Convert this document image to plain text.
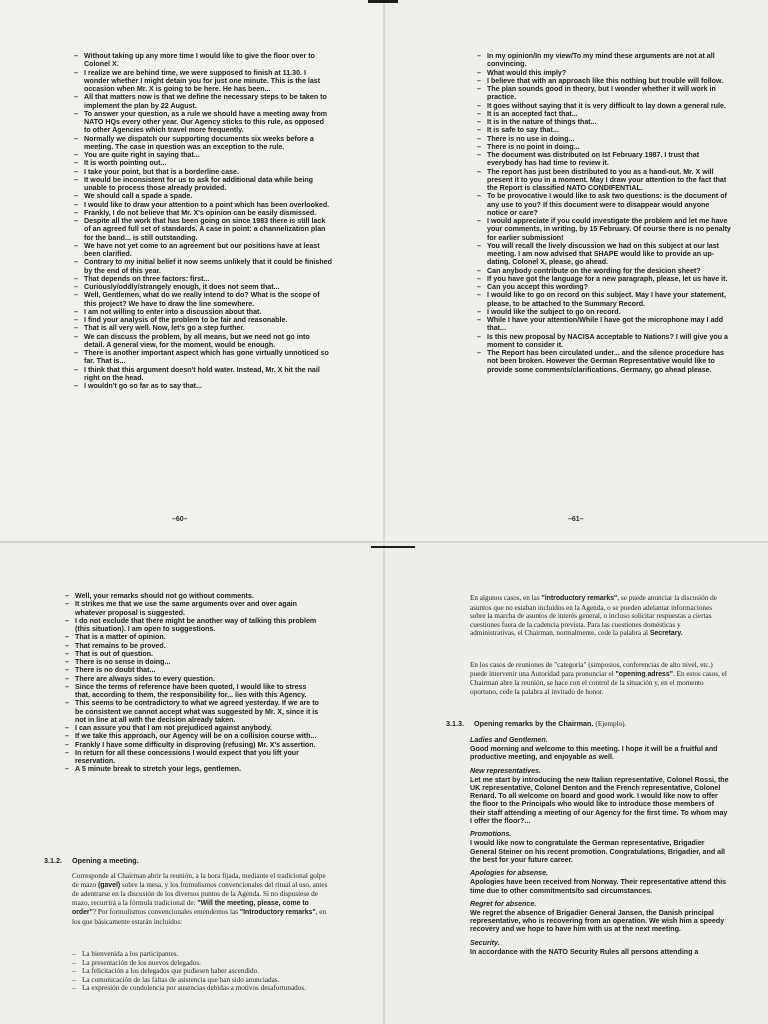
– Without taking up any more time I would like to give the floor over to Colonel X.
– I realize we are behind time, we were supposed to finish at 11.30. I wonder whether I might detain you for just one minute. This is the last occasion when Mr. X is going to be here. He has been...
– All that matters now is that we define the necessary steps to be taken to implement the plan by 22 August.
– To answer your question, as a rule we should have a meeting away from NATO HQs every other year. Our Agency sticks to this rule, as opposed to other Agencies which travel more frequently.
– Normally we dispatch our supporting documents six weeks before a meeting. The case in question was an exception to the rule.
– You are quite right in saying that...
– It is worth pointing out...
– I take your point, but that is a borderline case.
– It would be inconsistent for us to ask for additional data while being unable to process those already provided.
– We should call a spade a spade.
– I would like to draw your attention to a point which has been overlooked.
– Frankly, I do not believe that Mr. X's opinion can be easily dismissed.
– Despite all the work that has been going on since 1983 there is still lack of an agreed full set of standards. A case in point: a channelization plan for the band... is still outstanding.
– We have not yet come to an agreement but our positions have at least been clarified.
– Contrary to my initial belief it now seems unlikely that it could be finished by the end of this year.
– That depends on three factors: first...
– Curiously/oddly/strangely enough, it does not seem that...
– Well, Gentlemen, what do we really intend to do? What is the scope of this project? We have to draw the line somewhere.
– I am not willing to enter into a discussion about that.
– I find your analysis of the problem to be fair and reasonable.
– That is all very well. Now, let's go a step further.
– We can discuss the problem, by all means, but we need not go into detail. A general view, for the moment, would be enough.
– There is another important aspect which has gone virtually unnoticed so far. That is...
– I think that this argument doesn't hold water. Instead, Mr. X hit the nail right on the head.
– I wouldn't go so far as to say that...
–60–
– In my opinion/In my view/To my mind these arguments are not at all convincing.
– What would this imply?
– I believe that with an approach like this nothing but trouble will follow.
– The plan sounds good in theory, but I wonder whether it will work in practice.
– It goes without saying that it is very difficult to lay down a general rule.
– It is an accepted fact that...
– It is in the nature of things that...
– It is safe to say that...
– There is no use in doing...
– There is no point in doing...
– The document was distributed on Ist February 1987. I trust that everybody has had time to review it.
– The report has just been distributed to you as a hand-out. Mr. X will present it to you in a moment. May I draw your attention to the fact that the Report is classified NATO CONDIFENTIAL.
– To be provocative I would like to ask two questions: is the document of any use to you? If this document were to disappear would anyone notice or care?
– I would appreciate if you could investigate the problem and let me have your comments, in writing, by 15 February. Of course there is no penalty for earlier submission!
– You will recall the lively discussion we had on this subject at our last meeting. I am now advised that SHAPE would like to provide an up-dating. Colonel X, please, go ahead.
– Can anybody contribute on the wording for the desicion sheet?
– If you have got the language for a new paragraph, please, let us have it.
– Can you accept this wording?
– I would like to go on record on this subject. May I have your statement, please, to be attached to the Summary Record.
– I would like the subject to go on record.
– While I have your attention/While I have got the microphone may I add that...
– Is this new proposal by NACISA acceptable to Nations? I will give you a moment to consider it.
– The Report has been circulated under... and the silence procedure has not been broken. However the German Representative would like to provide some comments/clarifications. Germany, go ahead please.
–61–
– Well, your remarks should not go without comments.
– It strikes me that we use the same arguments over and over again whatever proposal is suggested.
– I do not exclude that there might be another way of talking this problem (this situation). I am open to suggestions.
– That is a matter of opinion.
– That remains to be proved.
– That is out of question.
– There is no sense in doing...
– There is no doubt that...
– There are always sides to every question.
– Since the terms of reference have been quoted, I would like to stress that, according to them, the responsibility for... lies with this Agency.
– This seems to be contradictory to what we agreed yesterday. If we are to be consistent we cannot accept what was suggested by Mr. X, since it is not in line at all with the decision already taken.
– I can assure you that I am not prejudiced against anybody.
– If we take this approach, our Agency will be on a collision course with...
– Frankly I have some difficulty in disproving (refusing) Mr. X's assertion.
– In return for all these concessions I would expect that you lift your reservation.
– A 5 minute break to stretch your legs, gentlemen.
3.1.2. Opening a meeting.

Corresponde al Chairman abrir la reunión, a la hora fijada, mediante el tradicional golpe de mazo (gavel) sobre la mesa, y los formulismos convencionales del ritual al uso, antes de adentrarse en la discusión de los diversos puntos de la Agenda. Si no dispusiese de mazo, recurrirá a la fórmula tradicional de: "Will the meeting, please, come to order"? Por formulismos convencionales entendemos las "Introductory remarks", en los que básicamente estarán incluidos:

– La bienvenida a los participantes.
– La presentación de los nuevos delegados.
– La felicitación a los delegados que pudiesen haber ascendido.
– La comunicación de las faltas de asistencia que han sido anunciadas.
– La expresión de condolencia por ausencias debidas a motivos desafortunados.

En algunos casos, en las "introductory remarks", se puede anunciar la discusión de asuntos que no estaban incluidos en la Agenda, o se pueden adelantar informaciones sobre la marcha de asuntos de interés general, o incluso solicitar respuestas a ciertas cuestiones fuera de la cadencia prevista. Para las cuestiones domésticas y administrativas, el Chairman, normalmente, cede la palabra al Secretary.

En los casos de reuniones de "categoría" (simposios, conferencias de alto nivel, etc.) puede intervenir una Autoridad para pronunciar el "opening adress". En estos casos, el Chairman abre la reunión, se hace con el control de la situación y, en el momento oportuno, cede la palabra al invitado de honor.

3.1.3. Opening remarks by the Chairman. (Ejemplo).

Ladies and Gentlemen.

Good morning and welcome to this meeting. I hope it will be a fruitful and productive meeting, and enjoyable as well.

New representatives.

Let me start by introducing the new Italian representative, Colonel Rossi, the UK representative, Colonel Denton and the French representative, Colonel Renard. To all welcome on board and good work. I would like now to offer the floor to the Principals who would like to introduce those members of their staff attending a meeting of our Agency for the first time. To whom may I offer the floor?...

Promotions.

I would like now to congratulate the German representative, Brigadier General Steiner on his recent promotion. Congratulations, Brigadier, and all the best for your future career.

Apologies for absense.

Apologies have been received from Norway. Their representative attend this time due to other commitments/to sad circumstances.

Regret for absence.

We regret the absence of Brigadier General Jansen, the Danish principal representative, who is recovering from an operation. We wish him a speedy recovery and we hope to have him with us at the next meeting.

Security.

In accordance with the NATO Security Rules all persons attending a
